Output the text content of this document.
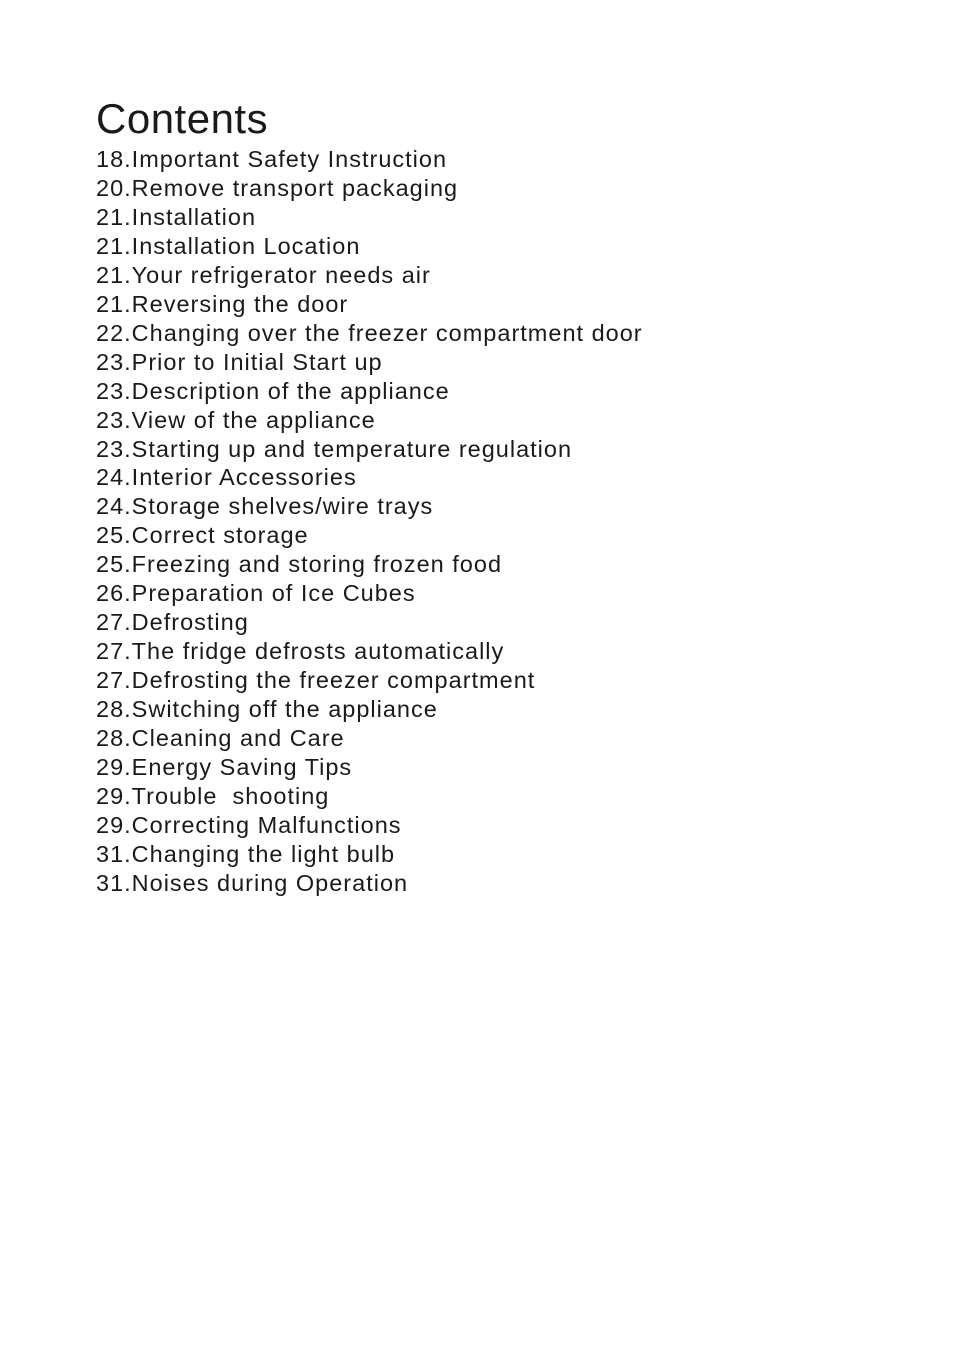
Contents
18.Important Safety Instruction
20.Remove transport packaging
21.Installation
21.Installation Location
21.Your refrigerator needs air
21.Reversing the door
22.Changing over the freezer compartment door
23.Prior to Initial Start up
23.Description of the appliance
23.View of the appliance
23.Starting up and temperature regulation
24.Interior Accessories
24.Storage shelves/wire trays
25.Correct storage
25.Freezing and storing frozen food
26.Preparation of Ice Cubes
27.Defrosting
27.The fridge defrosts automatically
27.Defrosting the freezer compartment
28.Switching off the appliance
28.Cleaning and Care
29.Energy Saving Tips
29.Trouble  shooting
29.Correcting Malfunctions
31.Changing the light bulb
31.Noises during Operation
